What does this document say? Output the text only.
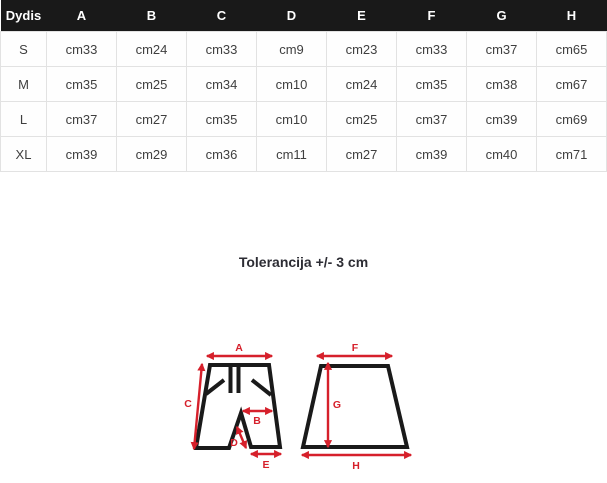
Dydis	A	B	C	D	E	F	G	H
S	cm33	cm24	cm33	cm9	cm23	cm33	cm37	cm65
M	cm35	cm25	cm34	cm10	cm24	cm35	cm38	cm67
L	cm37	cm27	cm35	cm10	cm25	cm37	cm39	cm69
XL	cm39	cm29	cm36	cm11	cm27	cm39	cm40	cm71
Tolerancija +/- 3 cm
A
C
B
D
E
F
G
H
